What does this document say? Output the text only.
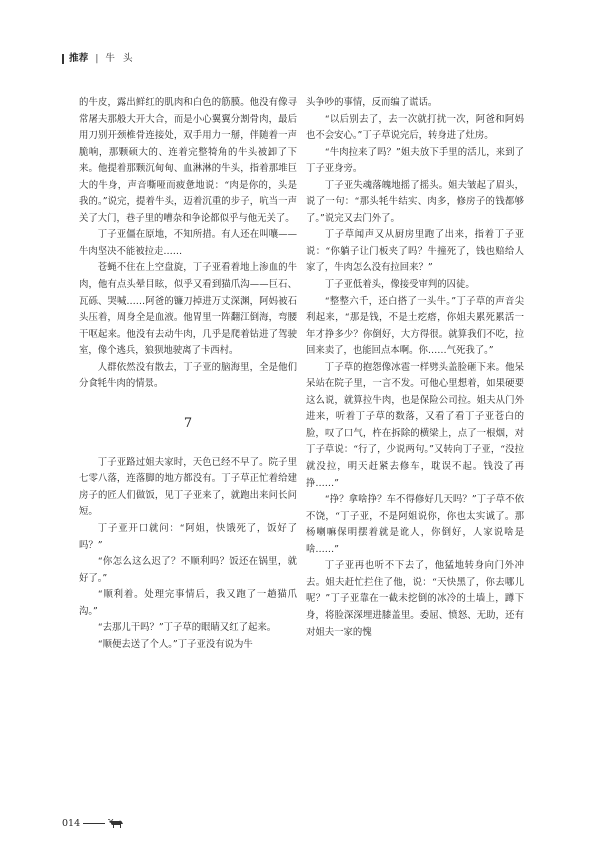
推荐 | 牛头

的牛皮，露出鲜红的肌肉和白色的筋膜。他没有像寻常屠夫那般大开大合，而是小心翼翼分割骨肉，最后用刀别开颈椎骨连接处，双手用力一掰，伴随着一声脆响，那颗硕大的、连着完整犄角的牛头被卸了下来。他提着那颗沉甸甸、血淋淋的牛头，指着那堆巨大的牛身，声音嘶哑而疲惫地说：“肉是你的，头是我的。”说完，提着牛头，迈着沉重的步子，吭当一声关了大门，巷子里的嘈杂和争论都似乎与他无关了。

丁子亚僵在原地，不知所措。有人还在叫嚷——牛肉坚决不能被拉走……

苍蝇不住在上空盘旋，丁子亚看着地上渗血的牛肉，他有点头晕目眩，似乎又看到猫爪沟——巨石、瓦砾、哭喊……阿爸的镰刀掉进万丈深渊，阿妈被石头压着，周身全是血液。他胃里一阵翻江倒海，弯腰干呕起来。他没有去动牛肉，几乎是爬着钻进了驾驶室，像个逃兵，狼狈地驶离了卡西村。

人群依然没有散去，丁子亚的脑海里，全是他们分食牦牛肉的情景。

7

丁子亚路过姐夫家时，天色已经不早了。院子里七零八落，连落脚的地方都没有。丁子草正忙着给建房子的匠人们做饭，见丁子亚来了，就跑出来问长问短。

丁子亚开口就问：“阿姐，快饿死了，饭好了吗？”

“你怎么这么迟了？不顺利吗？饭还在锅里，就好了。”

“顺利着。处理完事情后，我又跑了一趟猫爪沟。”

“去那儿干吗？”丁子草的眼睛又红了起来。

“顺便去送了个人。”丁子亚没有说为牛

头争吵的事情，反而编了谎话。

“以后别去了，去一次就打扰一次，阿爸和阿妈也不会安心。”丁子草说完后，转身进了灶房。

“牛肉拉来了吗？”姐夫放下手里的活儿，来到了丁子亚身旁。

丁子亚失魂落魄地摇了摇头。姐夫皱起了眉头，说了一句：“那头牦牛结实、肉多，修房子的钱都够了。”说完又去门外了。

丁子草闻声又从厨房里跑了出来，指着丁子亚说：“你躺子让门板夹了吗？牛撞死了，钱也赔给人家了，牛肉怎么没有拉回来？”

丁子亚低着头，像接受审判的囚徒。

“整整六千，还白搭了一头牛。”丁子草的声音尖利起来，“那是钱，不是土疙瘩，你姐夫累死累活一年才挣多少？你倒好，大方得很。就算我们不吃，拉回来卖了，也能回点本啊。你……气死我了。”

丁子草的抱怨像冰雹一样劈头盖脸砸下来。他呆呆站在院子里，一言不发。可他心里想着，如果硬要这么说，就算拉牛肉，也是保险公司拉。姐夫从门外进来，听着丁子草的数落，又看了看丁子亚苍白的脸，叹了口气，杵在拆除的横梁上，点了一根烟，对丁子草说：“行了，少说两句。”又转向丁子亚，“没拉就没拉，明天赶紧去修车，耽误不起。钱没了再挣……”

“挣？拿啥挣？车不得修好几天吗？”丁子草不依不饶，“丁子亚，不是阿姐说你，你也太实诚了。那杨喇嘛保明摆着就是讹人，你倒好，人家说啥是啥……”

丁子亚再也听不下去了，他猛地转身向门外冲去。姐夫赶忙拦住了他，说：“天快黑了，你去哪儿呢？”丁子亚靠在一截未挖倒的冰冷的土墙上，蹲下身，将脸深深埋进膝盖里。委屈、愤怒、无助，还有对姐夫一家的愧

014
